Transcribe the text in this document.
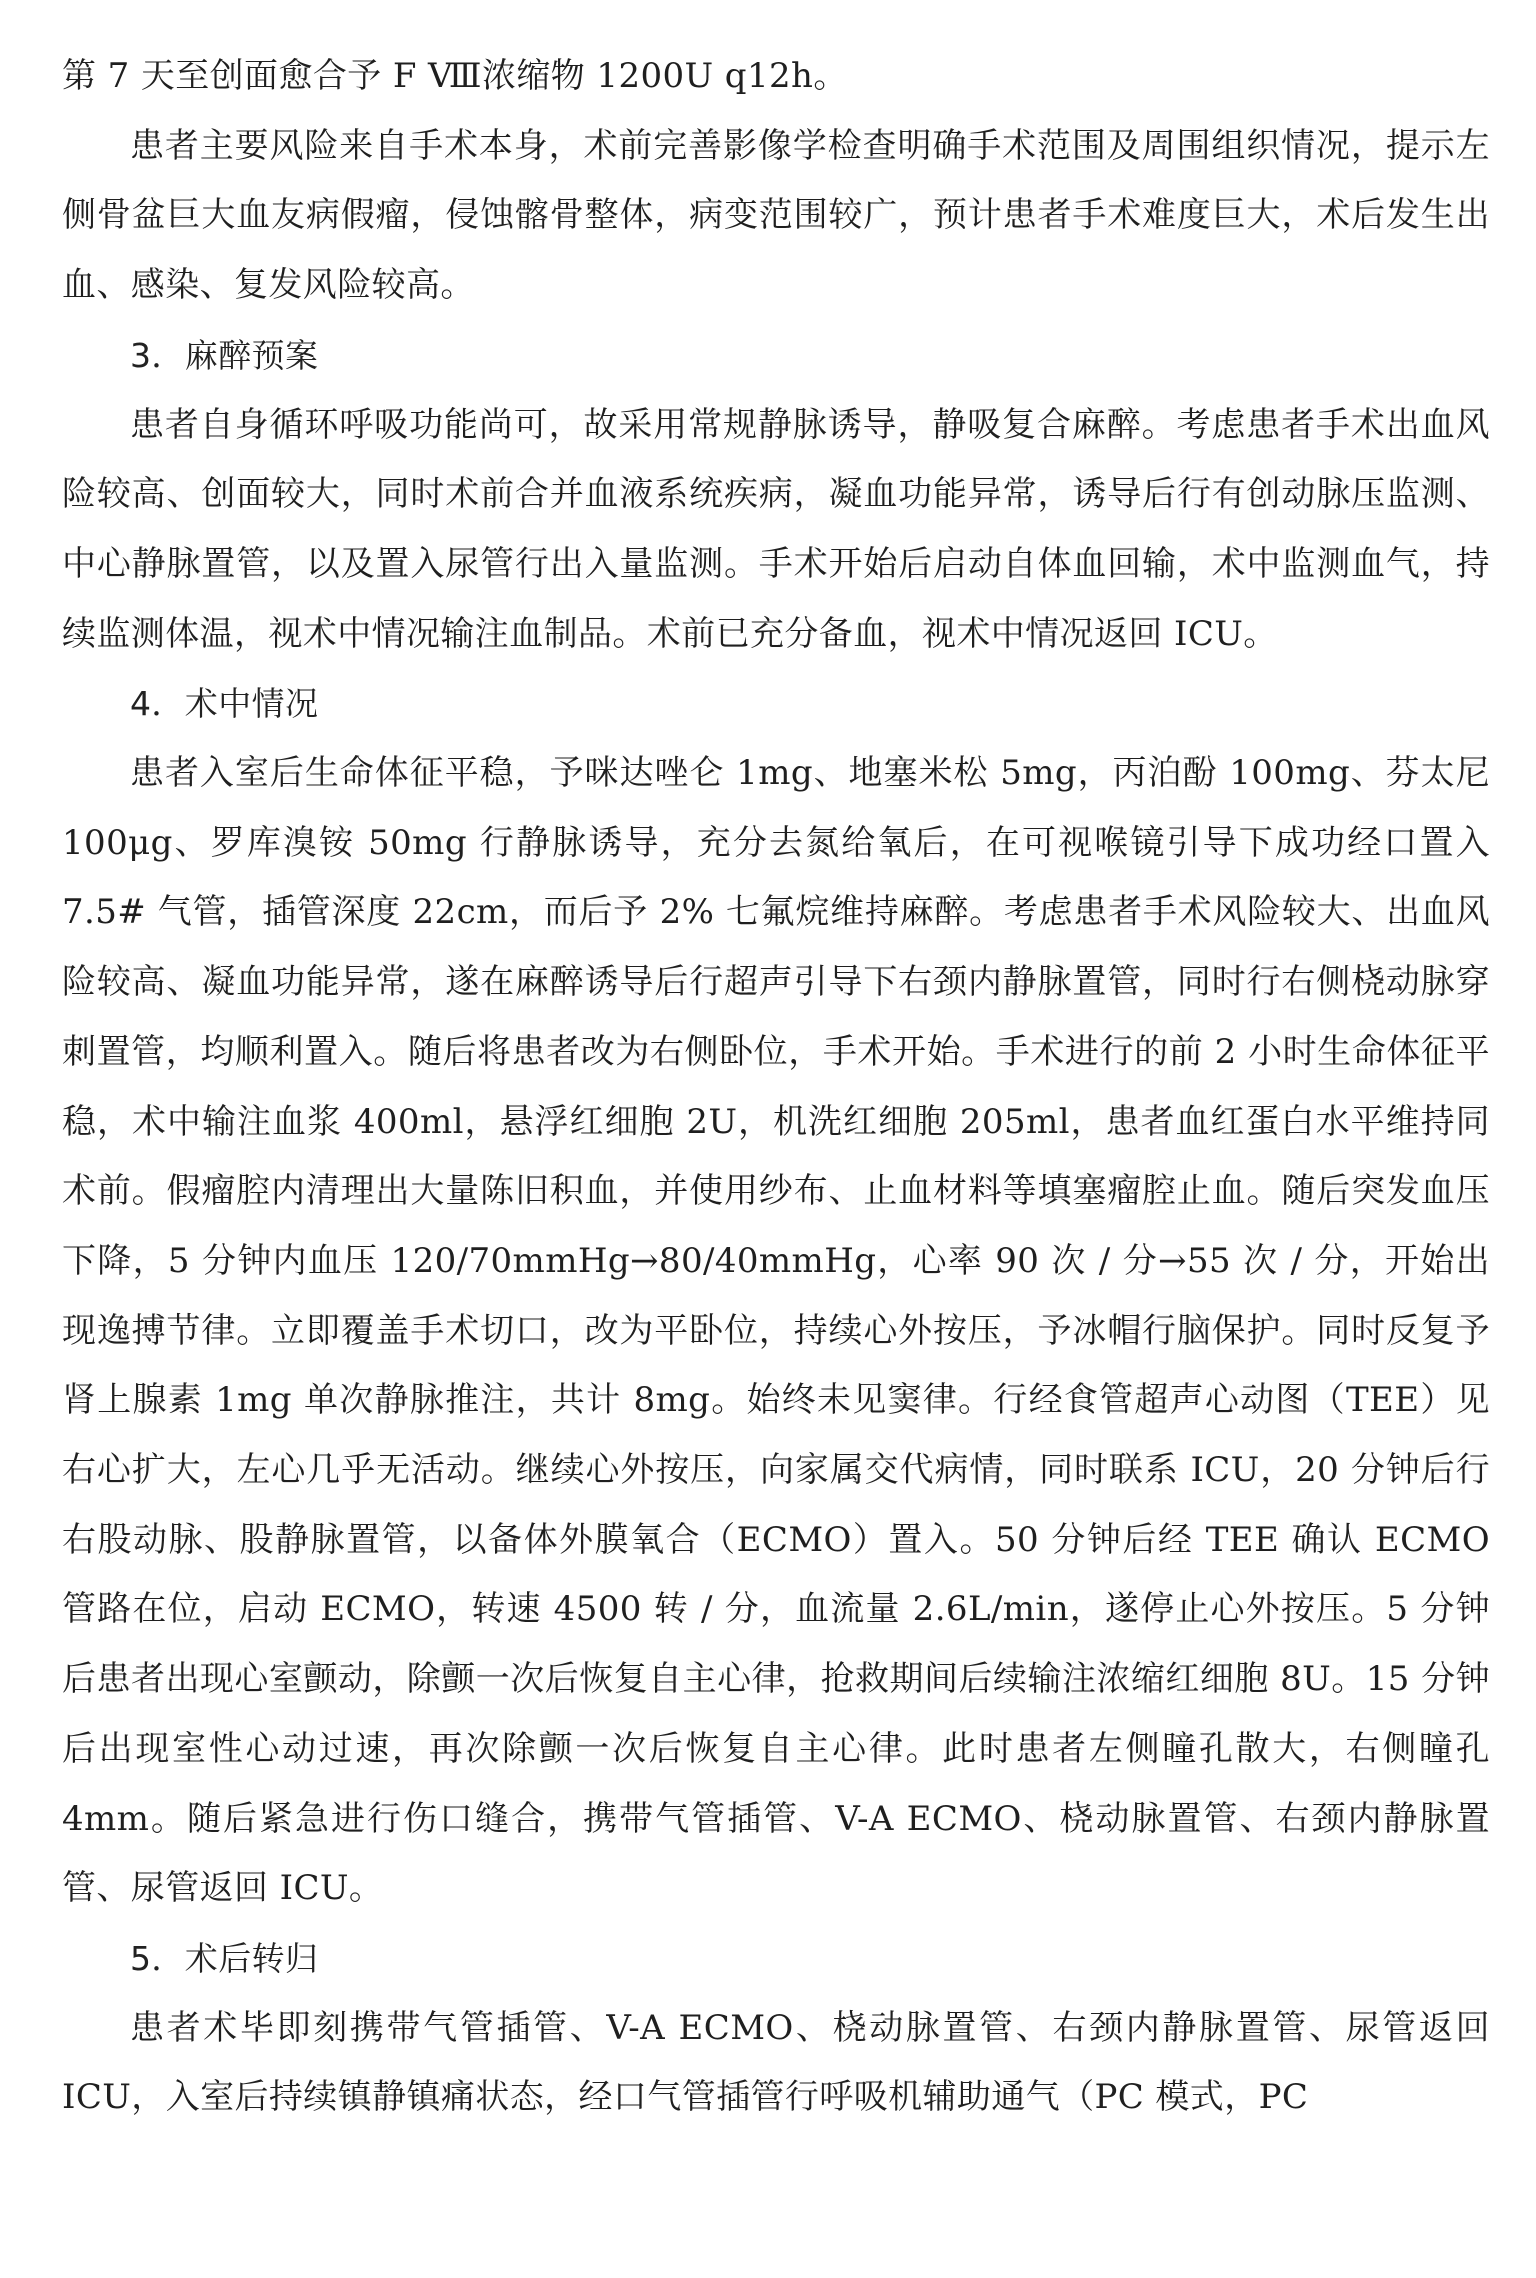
第 7 天至创面愈合予 F Ⅷ浓缩物 1200U q12h。

患者主要风险来自手术本身，术前完善影像学检查明确手术范围及周围组织情况，提示左侧骨盆巨大血友病假瘤，侵蚀髂骨整体，病变范围较广，预计患者手术难度巨大，术后发生出血、感染、复发风险较高。

3．麻醉预案

患者自身循环呼吸功能尚可，故采用常规静脉诱导，静吸复合麻醉。考虑患者手术出血风险较高、创面较大，同时术前合并血液系统疾病，凝血功能异常，诱导后行有创动脉压监测、中心静脉置管，以及置入尿管行出入量监测。手术开始后启动自体血回输，术中监测血气，持续监测体温，视术中情况输注血制品。术前已充分备血，视术中情况返回 ICU。

4．术中情况

患者入室后生命体征平稳，予咪达唑仑 1mg、地塞米松 5mg，丙泊酚 100mg、芬太尼 100μg、罗库溴铵 50mg 行静脉诱导，充分去氮给氧后，在可视喉镜引导下成功经口置入 7.5# 气管，插管深度 22cm，而后予 2% 七氟烷维持麻醉。考虑患者手术风险较大、出血风险较高、凝血功能异常，遂在麻醉诱导后行超声引导下右颈内静脉置管，同时行右侧桡动脉穿刺置管，均顺利置入。随后将患者改为右侧卧位，手术开始。手术进行的前 2 小时生命体征平稳，术中输注血浆 400ml，悬浮红细胞 2U，机洗红细胞 205ml，患者血红蛋白水平维持同术前。假瘤腔内清理出大量陈旧积血，并使用纱布、止血材料等填塞瘤腔止血。随后突发血压下降，5 分钟内血压 120/70mmHg→80/40mmHg，心率 90 次 / 分→55 次 / 分，开始出现逸搏节律。立即覆盖手术切口，改为平卧位，持续心外按压，予冰帽行脑保护。同时反复予肾上腺素 1mg 单次静脉推注，共计 8mg。始终未见窦律。行经食管超声心动图（TEE）见右心扩大，左心几乎无活动。继续心外按压，向家属交代病情，同时联系 ICU，20 分钟后行右股动脉、股静脉置管，以备体外膜氧合（ECMO）置入。50 分钟后经 TEE 确认 ECMO 管路在位，启动 ECMO，转速 4500 转 / 分，血流量 2.6L/min，遂停止心外按压。5 分钟后患者出现心室颤动，除颤一次后恢复自主心律，抢救期间后续输注浓缩红细胞 8U。15 分钟后出现室性心动过速，再次除颤一次后恢复自主心律。此时患者左侧瞳孔散大，右侧瞳孔 4mm。随后紧急进行伤口缝合，携带气管插管、V-A ECMO、桡动脉置管、右颈内静脉置管、尿管返回 ICU。

5．术后转归

患者术毕即刻携带气管插管、V-A ECMO、桡动脉置管、右颈内静脉置管、尿管返回 ICU，入室后持续镇静镇痛状态，经口气管插管行呼吸机辅助通气（PC 模式，PC
